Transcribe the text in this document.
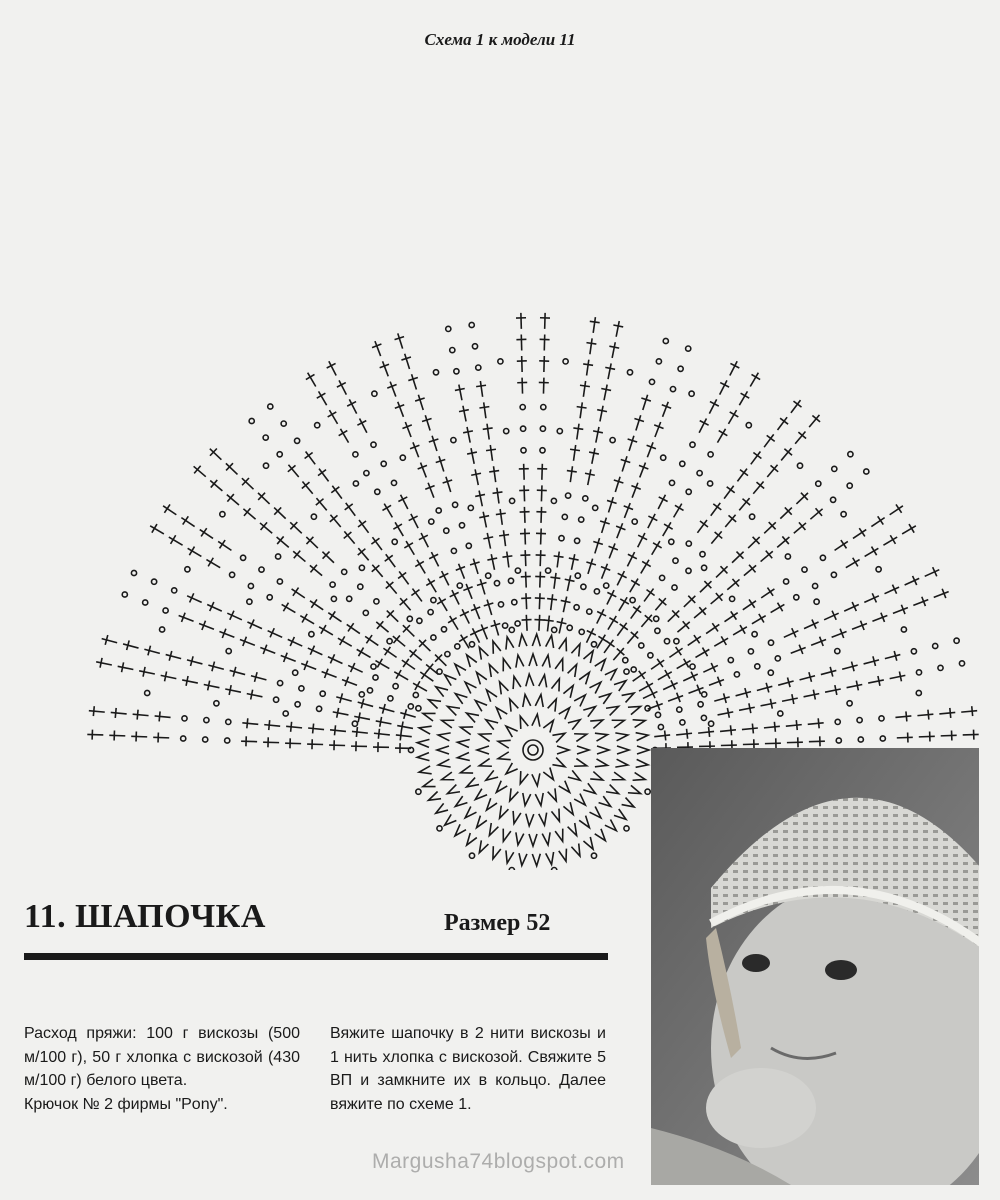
Схема 1 к модели 11
11. ШАПОЧКА	Размер 52

Расход пряжи: 100 г вискозы (500 м/100 г), 50 г хлопка с вискозой (430 м/100 г) белого цвета.

Крючок № 2 фирмы "Pony".

Вяжите шапочку в 2 нити вискозы и 1 нить хлопка с вискозой. Свяжите 5 ВП и замкните их в кольцо. Далее вяжите по схеме 1.

Margusha74blogspot.com
